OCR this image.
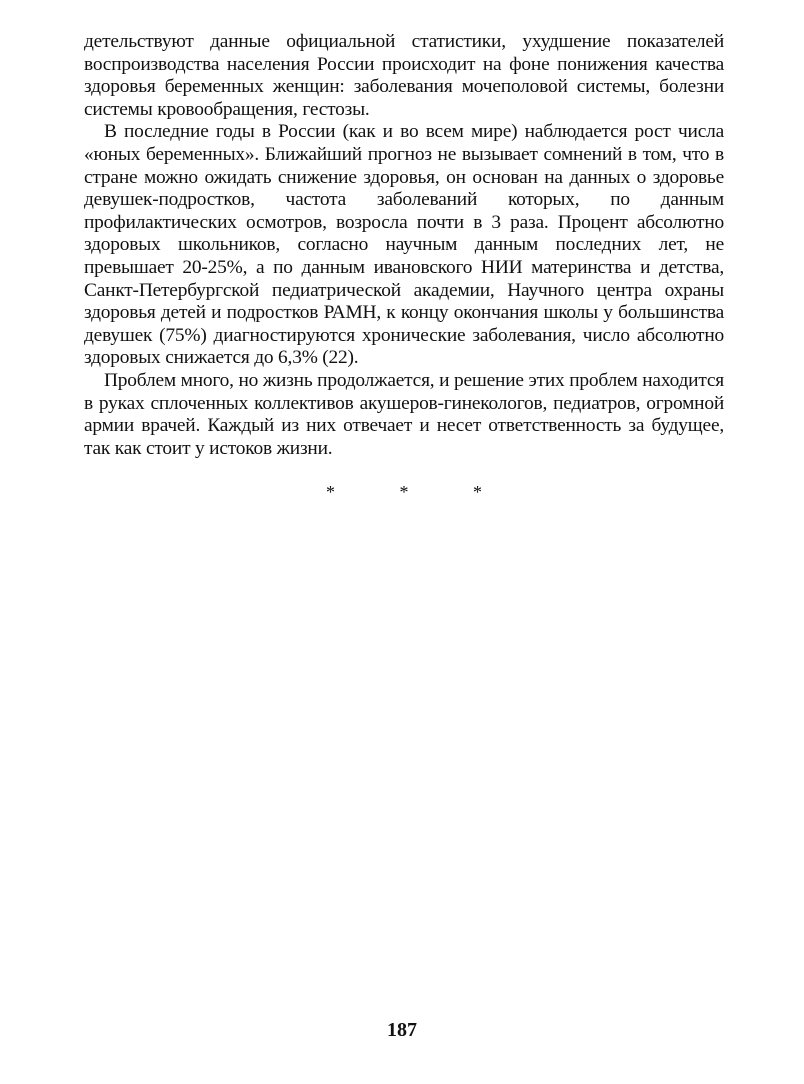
детельствуют данные официальной статистики, ухудшение показателей воспроизводства населения России происходит на фоне понижения качества здоровья беременных женщин: заболевания мочеполовой системы, болезни системы кровообращения, гестозы.

В последние годы в России (как и во всем мире) наблюдается рост числа «юных беременных». Ближайший прогноз не вызывает сомнений в том, что в стране можно ожидать снижение здоровья, он основан на данных о здоровье девушек-подростков, частота заболеваний которых, по данным профилактических осмотров, возросла почти в 3 раза. Процент абсолютно здоровых школьников, согласно научным данным последних лет, не превышает 20-25%, а по данным ивановского НИИ материнства и детства, Санкт-Петербургской педиатрической академии, Научного центра охраны здоровья детей и подростков РАМН, к концу окончания школы у большинства девушек (75%) диагностируются хронические заболевания, число абсолютно здоровых снижается до 6,3% (22).

Проблем много, но жизнь продолжается, и решение этих проблем находится в руках сплоченных коллективов акушеров-гинекологов, педиатров, огромной армии врачей. Каждый из них отвечает и несет ответственность за будущее, так как стоит у истоков жизни.

* * *
187
